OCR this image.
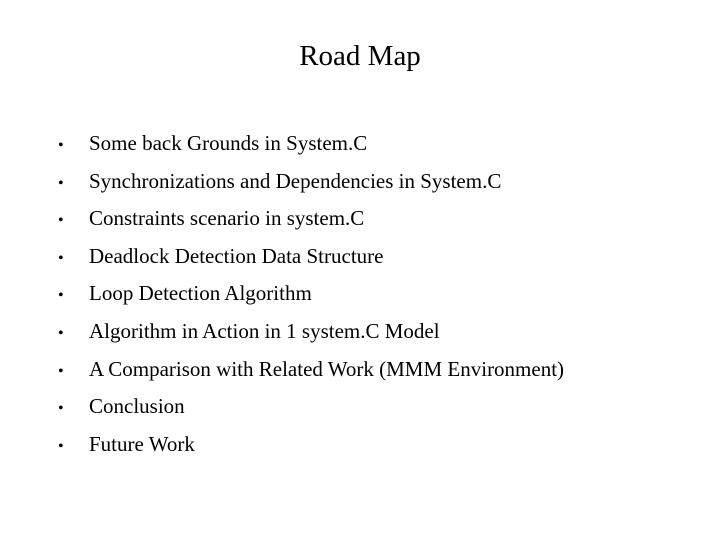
Road Map
•	Some back Grounds in System.C
•	Synchronizations and Dependencies in System.C
•	Constraints scenario in system.C
•	Deadlock Detection Data Structure
•	Loop Detection Algorithm
•	Algorithm in Action in 1 system.C Model
•	A Comparison with Related Work (MMM Environment)
•	Conclusion
•	Future Work
